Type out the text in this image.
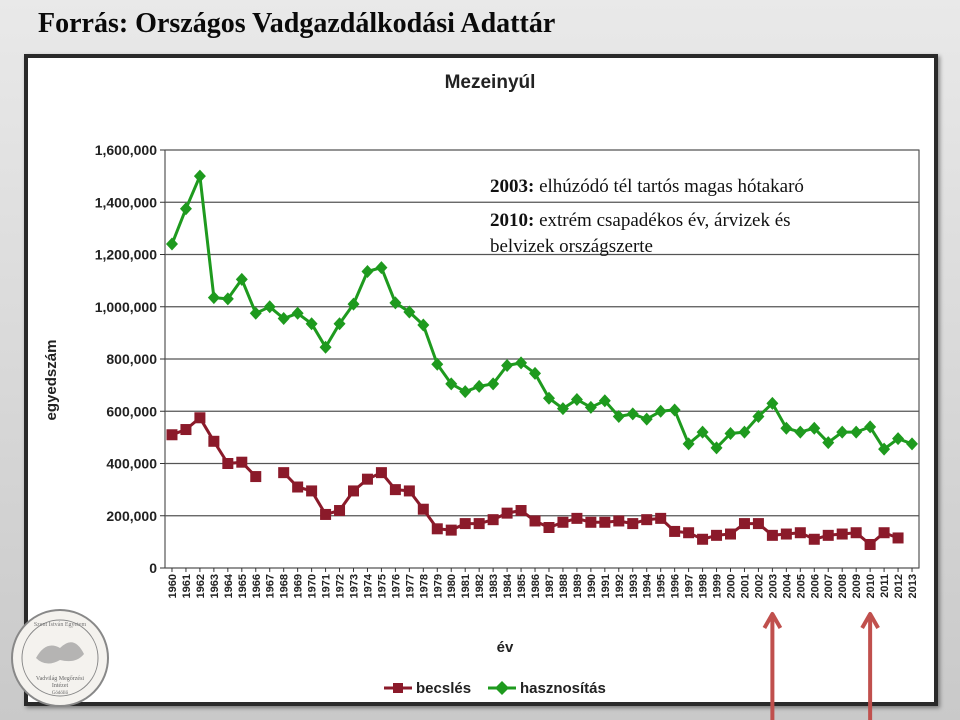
Forrás: Országos Vadgazdálkodási Adattár
Mezeinyúl
0
200,000
400,000
600,000
800,000
1,000,000
1,200,000
1,400,000
1,600,000
1960 1961 1962 1963 1964 1965 1966 1967 1968 1969 1970 1971 1972 1973 1974 1975 1976 1977 1978 1979 1980 1981 1982 1983 1984 1985 1986 1987 1988 1989 1990 1991 1992 1993 1994 1995 1996 1997 1998 1999 2000 2001 2002 2003 2004 2005 2006 2007 2008 2009 2010 2011 2012 2013
egyedszám
év
becslés	hasznosítás
2003: elhúzódó tél tartós magas hótakaró
2010: extrém csapadékos év, árvizek és
belvizek országszerte
Vadvilág Megőrzési
Intézet
Gödöllő
Szent István Egyetem
